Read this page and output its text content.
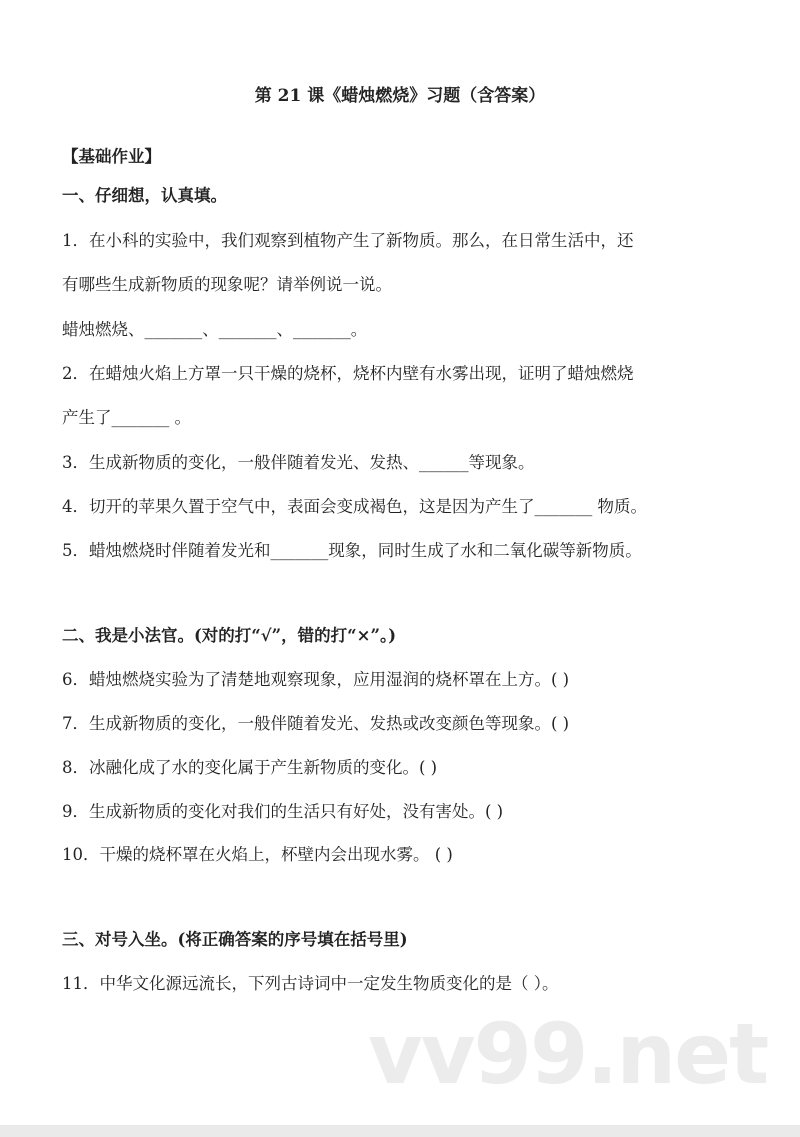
第 21 课《蜡烛燃烧》习题（含答案）
【基础作业】
一、仔细想，认真填。
1．在小科的实验中，我们观察到植物产生了新物质。那么，在日常生活中，还
有哪些生成新物质的现象呢？请举例说一说。
蜡烛燃烧、_______、_______、_______。
2．在蜡烛火焰上方罩一只干燥的烧杯，烧杯内壁有水雾出现，证明了蜡烛燃烧
产生了_______ 。
3．生成新物质的变化，一般伴随着发光、发热、______等现象。
4．切开的苹果久置于空气中，表面会变成褐色，这是因为产生了_______ 物质。
5．蜡烛燃烧时伴随着发光和_______现象，同时生成了水和二氧化碳等新物质。
二、我是小法官。(对的打“√”，错的打“×”。)
6．蜡烛燃烧实验为了清楚地观察现象，应用湿润的烧杯罩在上方。( )
7．生成新物质的变化，一般伴随着发光、发热或改变颜色等现象。( )
8．冰融化成了水的变化属于产生新物质的变化。( )
9．生成新物质的变化对我们的生活只有好处，没有害处。( )
10．干燥的烧杯罩在火焰上，杯壁内会出现水雾。 ( )
三、对号入坐。(将正确答案的序号填在括号里)
11．中华文化源远流长，下列古诗词中一定发生物质变化的是（ ）。
vv99.net
